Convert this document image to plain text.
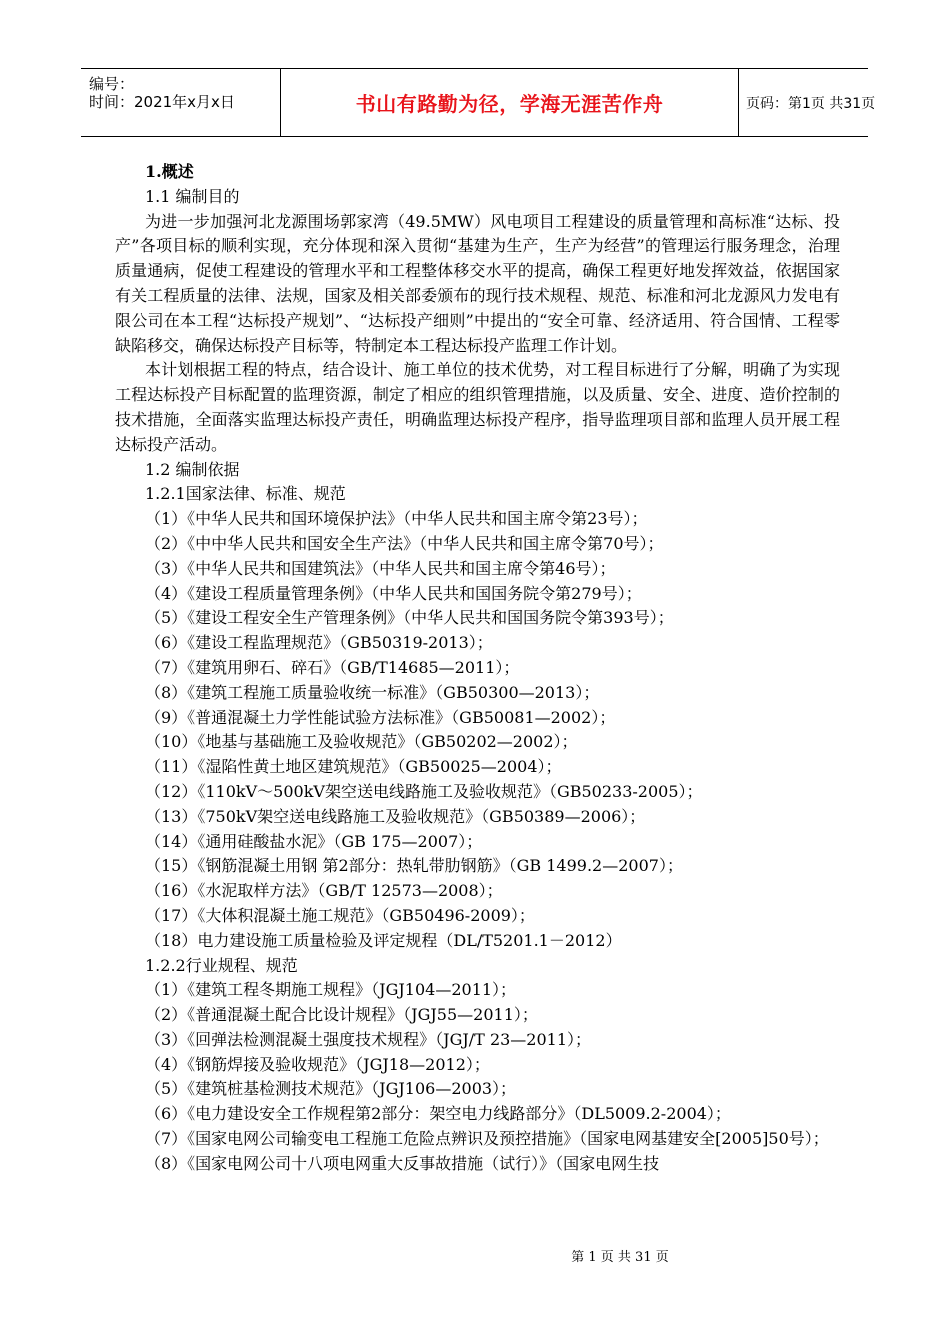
编号：
时间：2021年x月x日	书山有路勤为径，学海无涯苦作舟	页码：第1页 共31页
1.概述
1.1 编制目的
为进一步加强河北龙源围场郭家湾（49.5MW）风电项目工程建设的质量管理和高标准“达标、投产”各项目标的顺利实现，充分体现和深入贯彻“基建为生产，生产为经营”的管理运行服务理念，治理质量通病，促使工程建设的管理水平和工程整体移交水平的提高，确保工程更好地发挥效益，依据国家有关工程质量的法律、法规，国家及相关部委颁布的现行技术规程、规范、标准和河北龙源风力发电有限公司在本工程“达标投产规划”、“达标投产细则”中提出的“安全可靠、经济适用、符合国情、工程零缺陷移交，确保达标投产目标等，特制定本工程达标投产监理工作计划。
本计划根据工程的特点，结合设计、施工单位的技术优势，对工程目标进行了分解，明确了为实现工程达标投产目标配置的监理资源，制定了相应的组织管理措施，以及质量、安全、进度、造价控制的技术措施，全面落实监理达标投产责任，明确监理达标投产程序，指导监理项目部和监理人员开展工程达标投产活动。
1.2 编制依据
1.2.1国家法律、标准、规范
（1）《中华人民共和国环境保护法》（中华人民共和国主席令第23号）；
（2）《中中华人民共和国安全生产法》（中华人民共和国主席令第70号）；
（3）《中华人民共和国建筑法》（中华人民共和国主席令第46号）；
（4）《建设工程质量管理条例》（中华人民共和国国务院令第279号）；
（5）《建设工程安全生产管理条例》（中华人民共和国国务院令第393号）；
（6）《建设工程监理规范》（GB50319-2013）；
（7）《建筑用卵石、碎石》（GB/T14685—2011）；
（8）《建筑工程施工质量验收统一标准》（GB50300—2013）；
（9）《普通混凝土力学性能试验方法标准》（GB50081—2002）；
（10）《地基与基础施工及验收规范》（GB50202—2002）；
（11）《湿陷性黄土地区建筑规范》（GB50025—2004）；
（12）《110kV～500kV架空送电线路施工及验收规范》（GB50233-2005）；
（13）《750kV架空送电线路施工及验收规范》（GB50389—2006）；
（14）《通用硅酸盐水泥》（GB 175—2007）；
（15）《钢筋混凝土用钢 第2部分：热轧带肋钢筋》（GB 1499.2—2007）；
（16）《水泥取样方法》（GB/T 12573—2008）；
（17）《大体积混凝土施工规范》（GB50496-2009）；
（18）电力建设施工质量检验及评定规程（DL/T5201.1－2012）
1.2.2行业规程、规范
（1）《建筑工程冬期施工规程》（JGJ104—2011）；
（2）《普通混凝土配合比设计规程》（JGJ55—2011）；
（3）《回弹法检测混凝土强度技术规程》（JGJ/T 23—2011）；
（4）《钢筋焊接及验收规范》（JGJ18—2012）；
（5）《建筑桩基检测技术规范》（JGJ106—2003）；
（6）《电力建设安全工作规程第2部分：架空电力线路部分》（DL5009.2-2004）；
（7）《国家电网公司输变电工程施工危险点辨识及预控措施》（国家电网基建安全[2005]50号）；
（8）《国家电网公司十八项电网重大反事故措施（试行）》（国家电网生技
第 1 页 共 31 页
